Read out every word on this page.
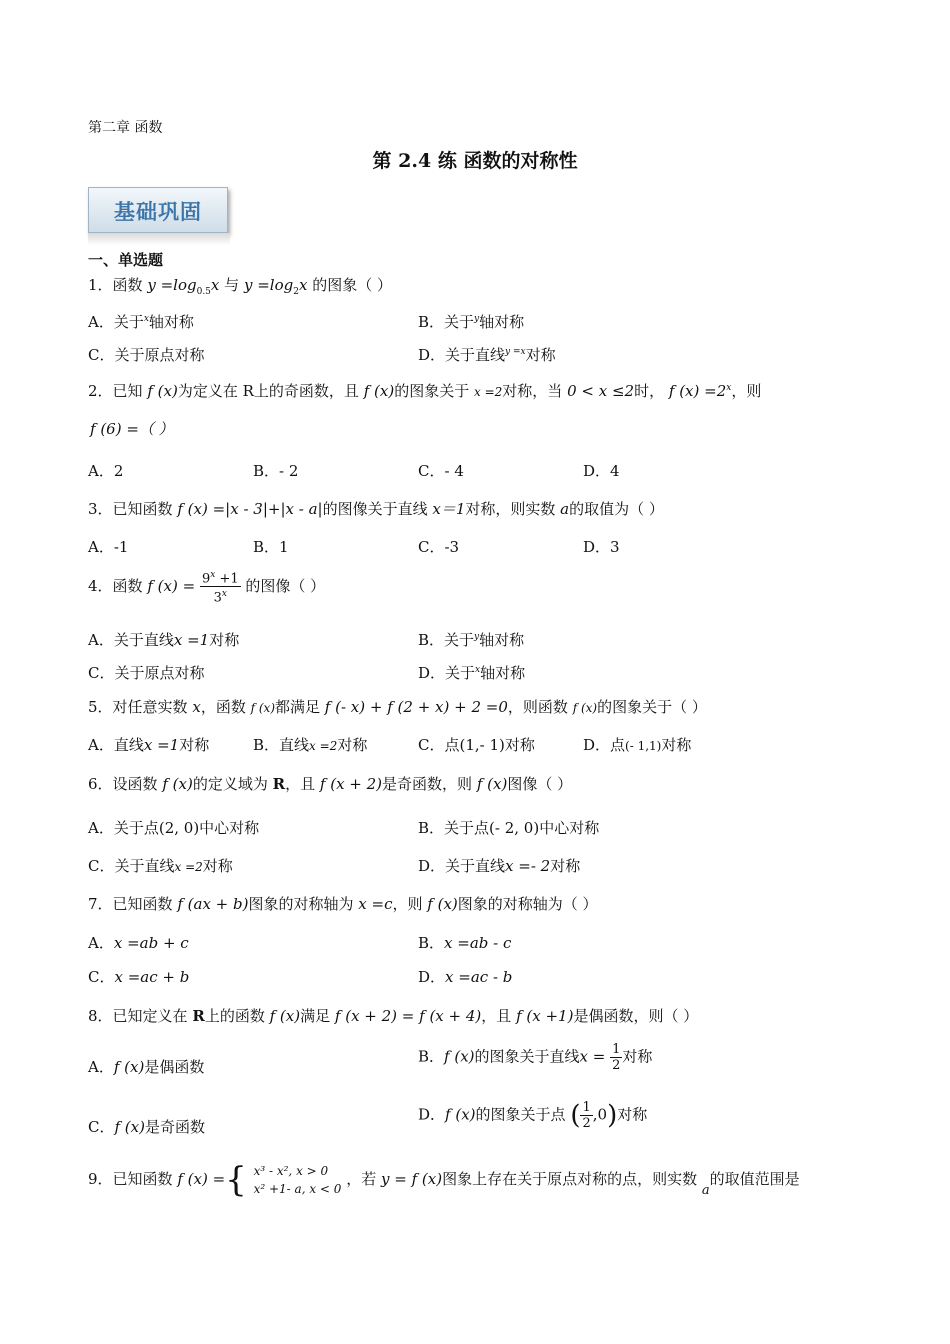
第二章 函数
第 2.4 练 函数的对称性
基础巩固
一、单选题
1．函数 $y =\log_{0.5}x$ 与 $y =\log_2x$ 的图象（ ）
A．关于$^x$轴对称	B．关于$^y$轴对称
C．关于原点对称	D．关于直线$^{y =x}$对称
2．已知 f (x)为定义在 R上的奇函数，且 f (x)的图象关于 x =2对称，当 0 < x ≤2时， f $(x) =2^x$，则
f (6) =（ ）
A．2	B．- 2	C．- 4	D．4
3．已知函数 f (x) =|x - 3|+|x - a|的图像关于直线 x＝1对称，则实数 a的取值为（ ）
A．-1	B．1	C．-3	D．3
4．函数 f $(x) = \frac{9^x +1}{3^x}$ 的图像（ ）
A．关于直线x =1对称	B．关于$^y$轴对称
C．关于原点对称	D．关于$^x$轴对称
5．对任意实数 x，函数 f (x)都满足 f (- x) + f (2 + x) + 2 =0，则函数 f (x)的图象关于（ ）
A．直线x =1对称	B．直线x =2对称	C．点(1,- 1)对称	D．点(- 1,1)对称
6．设函数 f (x)的定义域为 R，且 f (x + 2)是奇函数，则 f (x)图像（ ）
A．关于点(2, 0)中心对称	B．关于点(- 2, 0)中心对称
C．关于直线x =2对称	D．关于直线x =- 2对称
7．已知函数 f (ax + b)图象的对称轴为 x =c，则 f (x)图象的对称轴为（ ）
A．x =ab + c	B．x =ab - c
C．x =ac + b	D．x =ac - b
8．已知定义在 R上的函数 f (x)满足 f (x + 2) = f (x + 4)，且 f (x +1)是偶函数，则（ ）
A．f (x)是偶函数
B．f (x)的图象关于直线$x = \frac{1}{2}$ 对称
C．f (x)是奇函数
D．f (x)的图象关于点 ( $\frac{1}{2} ,0$)对称
9．已知函数 f (x) ={ x³ - x², x > 0
x² +1- a, x < 0
，若 y = f (x)图象上存在关于原点对称的点，则实数 a的取值范围是
